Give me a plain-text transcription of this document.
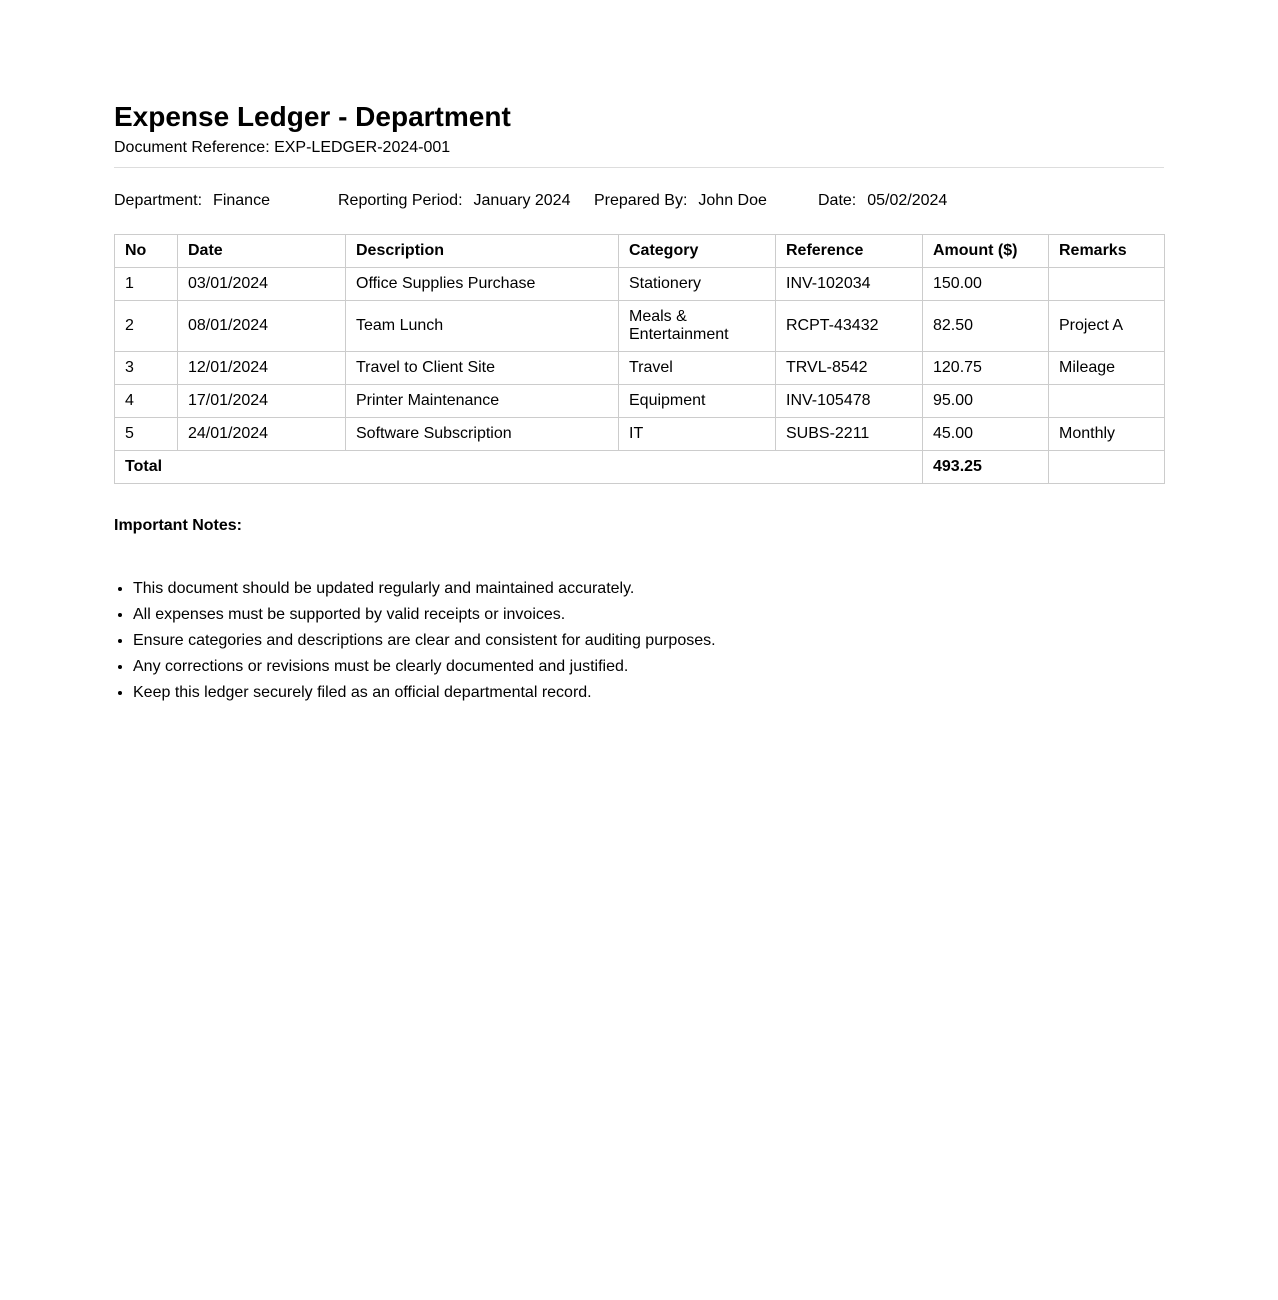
Expense Ledger - Department
Document Reference: EXP-LEDGER-2024-001
Department: Finance	Reporting Period: January 2024 Prepared By: John Doe	Date: 05/02/2024
No	Date	Description	Category	Reference	Amount ($)	Remarks
1	03/01/2024	Office Supplies Purchase	Stationery	INV-102034	150.00	
2	08/01/2024	Team Lunch	Meals & Entertainment	RCPT-43432	82.50	Project A
3	12/01/2024	Travel to Client Site	Travel	TRVL-8542	120.75	Mileage
4	17/01/2024	Printer Maintenance	Equipment	INV-105478	95.00	
5	24/01/2024	Software Subscription	IT	SUBS-2211	45.00	Monthly
Total					493.25	
Important Notes:
• This document should be updated regularly and maintained accurately.
• All expenses must be supported by valid receipts or invoices.
• Ensure categories and descriptions are clear and consistent for auditing purposes.
• Any corrections or revisions must be clearly documented and justified.
• Keep this ledger securely filed as an official departmental record.
